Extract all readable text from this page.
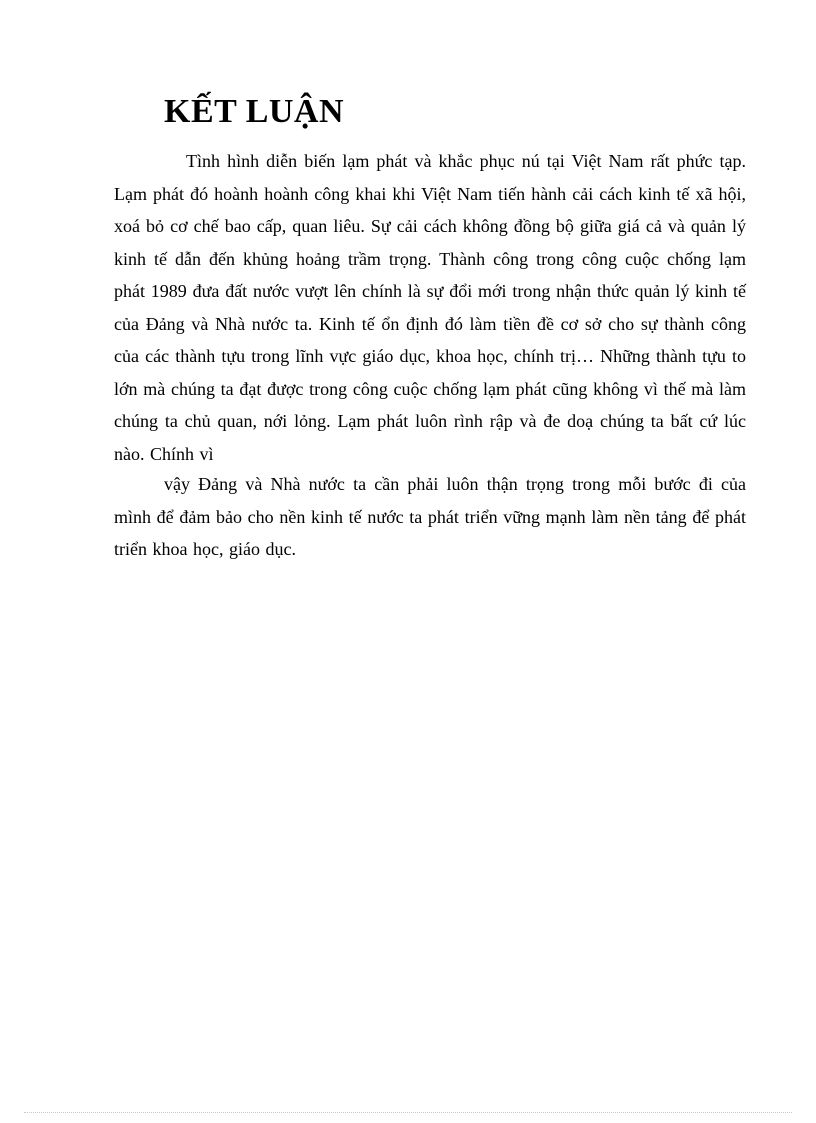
KẾT LUẬN

Tình hình diễn biến lạm phát và khắc phục nú tại Việt Nam rất phức tạp. Lạm phát đó hoành hoành công khai khi Việt Nam tiến hành cải cách kinh tế xã hội, xoá bỏ cơ chế bao cấp, quan liêu. Sự cải cách không đồng bộ giữa giá cả và quản lý kinh tế dẫn đến khủng hoảng trầm trọng. Thành công trong công cuộc chống lạm phát 1989 đưa đất nước vượt lên chính là sự đổi mới trong nhận thức quản lý kinh tế của Đảng và Nhà nước ta. Kinh tế ổn định đó làm tiền đề cơ sở cho sự thành công của các thành tựu trong lĩnh vực giáo dục, khoa học, chính trị… Những thành tựu to lớn mà chúng ta đạt được trong công cuộc chống lạm phát cũng không vì thế mà làm chúng ta chủ quan, nới lỏng. Lạm phát luôn rình rập và đe doạ chúng ta bất cứ lúc nào. Chính vì

vậy Đảng và Nhà nước ta cần phải luôn thận trọng trong mỗi bước đi của mình để đảm bảo cho nền kinh tế nước ta phát triển vững mạnh làm nền tảng để phát triển khoa học, giáo dục.
